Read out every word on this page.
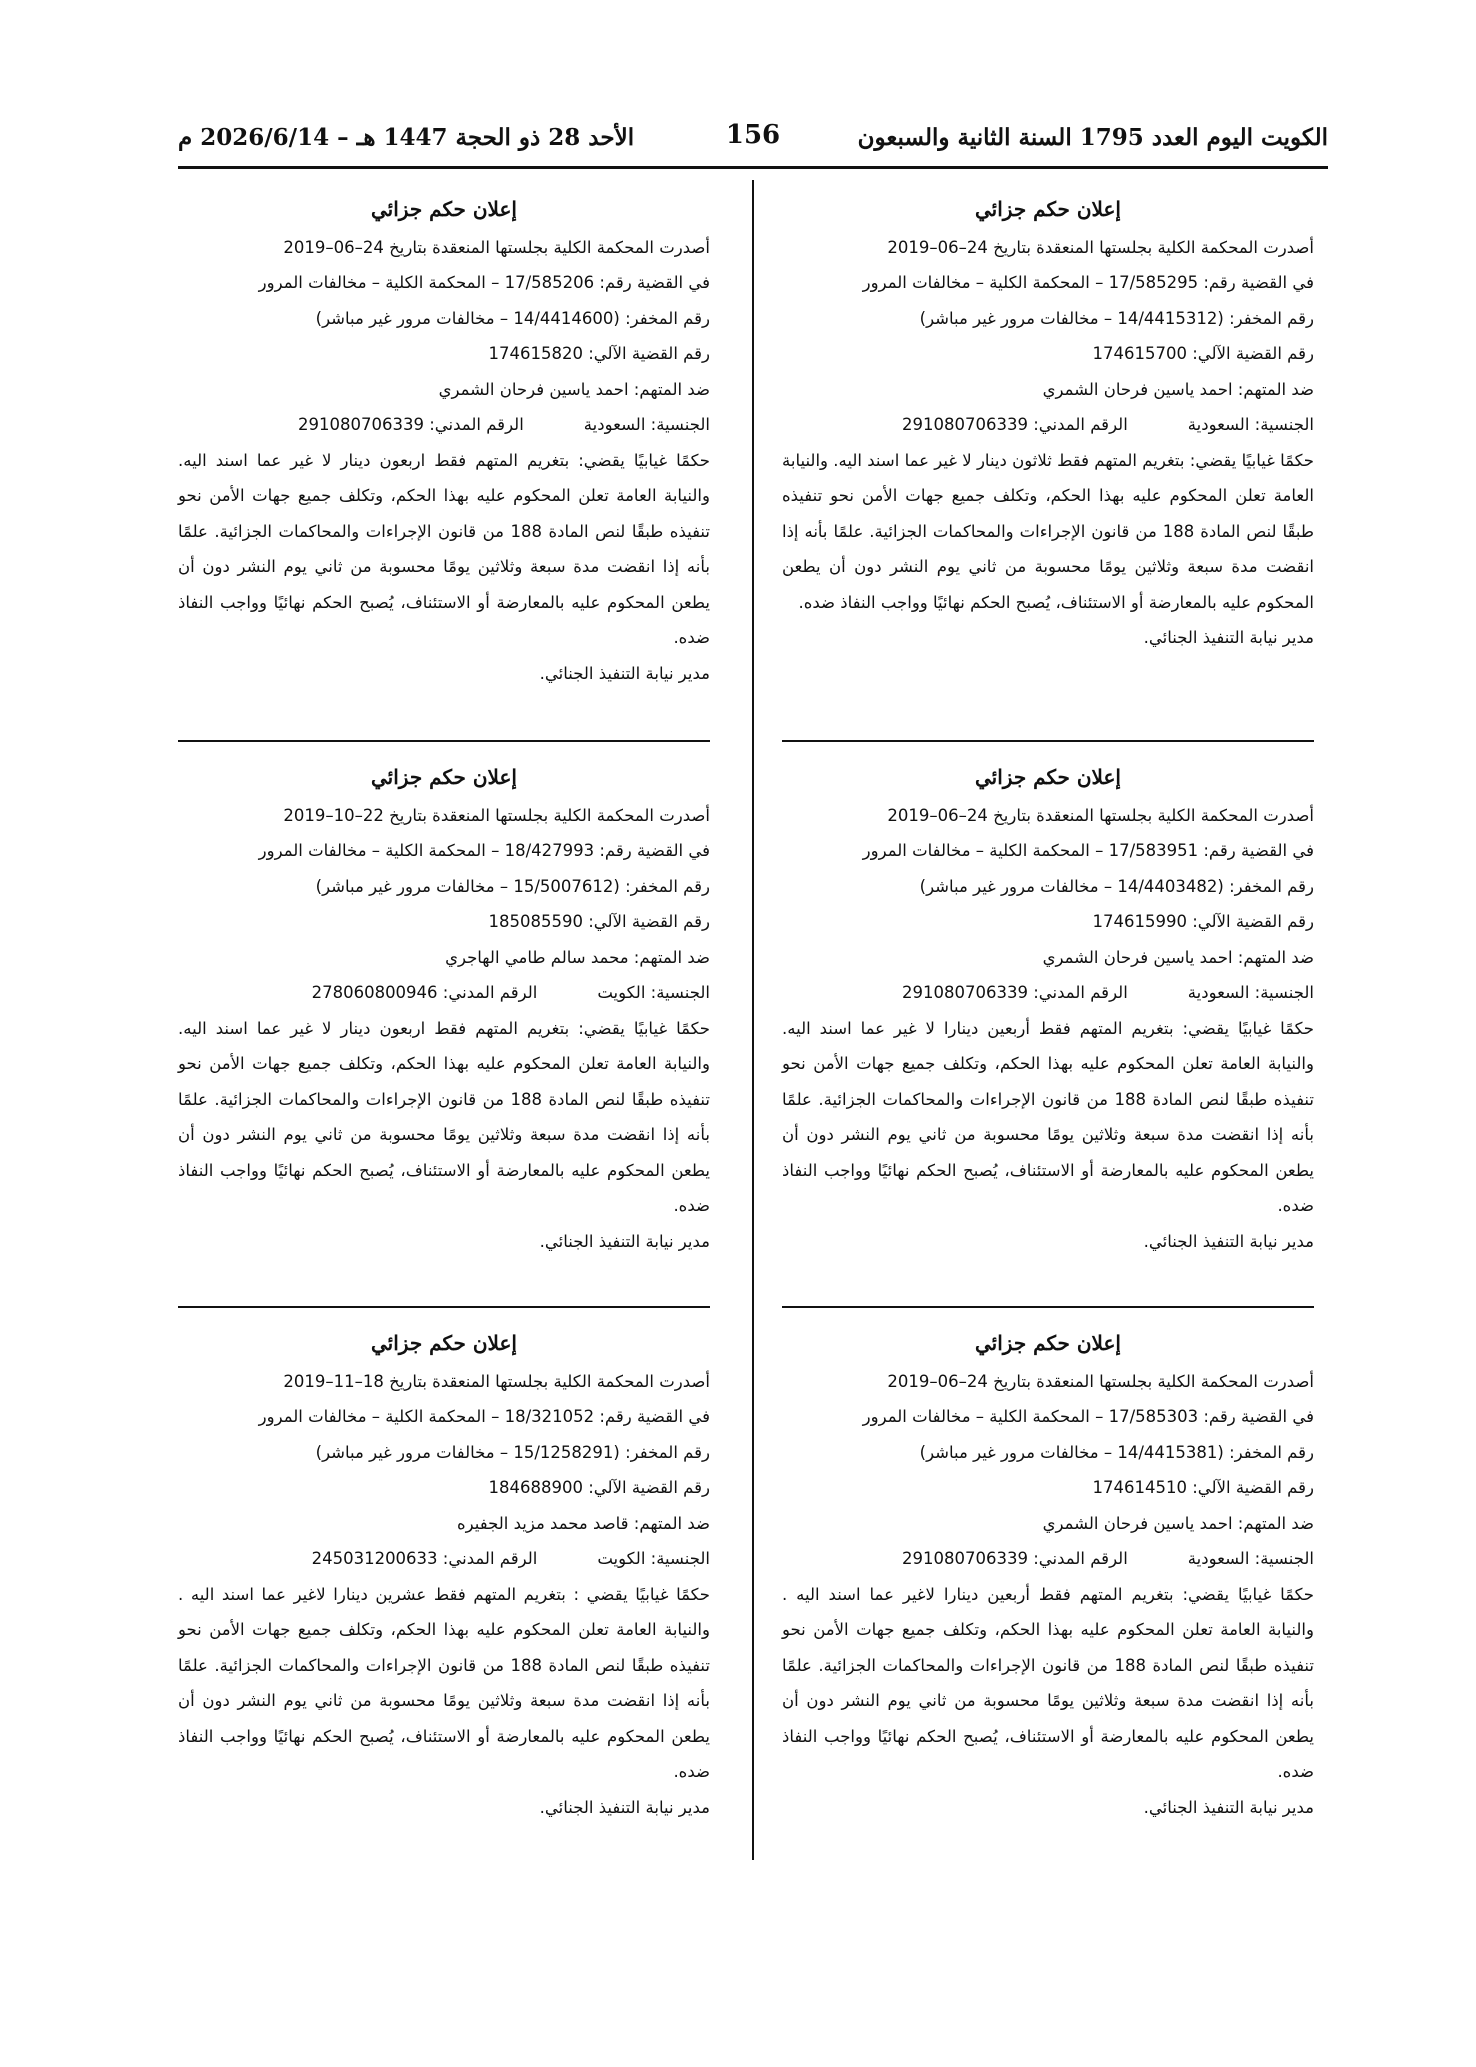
الكويت اليوم العدد 1795 السنة الثانية والسبعون
156
الأحد 28 ذو الحجة 1447 هـ – 2026/6/14 م
إعلان حكم جزائي
أصدرت المحكمة الكلية بجلستها المنعقدة بتاريخ 24–06–2019
في القضية رقم: 17/585295 – المحكمة الكلية – مخالفات المرور
رقم المخفر: (14/4415312 – مخالفات مرور غير مباشر)
رقم القضية الآلي: 174615700
ضد المتهم: احمد ياسين فرحان الشمري
الجنسية: السعودية
الرقم المدني: 291080706339
حكمًا غيابيًا يقضي: بتغريم المتهم فقط ثلاثون دينار لا غير عما اسند اليه. والنيابة العامة تعلن المحكوم عليه بهذا الحكم، وتكلف جميع جهات الأمن نحو تنفيذه طبقًا لنص المادة 188 من قانون الإجراءات والمحاكمات الجزائية. علمًا بأنه إذا انقضت مدة سبعة وثلاثين يومًا محسوبة من ثاني يوم النشر دون أن يطعن المحكوم عليه بالمعارضة أو الاستئناف، يُصبح الحكم نهائيًا وواجب النفاذ ضده.
مدير نيابة التنفيذ الجنائي.
إعلان حكم جزائي
أصدرت المحكمة الكلية بجلستها المنعقدة بتاريخ 24–06–2019
في القضية رقم: 17/585206 – المحكمة الكلية – مخالفات المرور
رقم المخفر: (14/4414600 – مخالفات مرور غير مباشر)
رقم القضية الآلي: 174615820
ضد المتهم: احمد ياسين فرحان الشمري
الجنسية: السعودية
الرقم المدني: 291080706339
حكمًا غيابيًا يقضي: بتغريم المتهم فقط اربعون دينار لا غير عما اسند اليه. والنيابة العامة تعلن المحكوم عليه بهذا الحكم، وتكلف جميع جهات الأمن نحو تنفيذه طبقًا لنص المادة 188 من قانون الإجراءات والمحاكمات الجزائية. علمًا بأنه إذا انقضت مدة سبعة وثلاثين يومًا محسوبة من ثاني يوم النشر دون أن يطعن المحكوم عليه بالمعارضة أو الاستئناف، يُصبح الحكم نهائيًا وواجب النفاذ ضده.
مدير نيابة التنفيذ الجنائي.
إعلان حكم جزائي
أصدرت المحكمة الكلية بجلستها المنعقدة بتاريخ 24–06–2019
في القضية رقم: 17/583951 – المحكمة الكلية – مخالفات المرور
رقم المخفر: (14/4403482 – مخالفات مرور غير مباشر)
رقم القضية الآلي: 174615990
ضد المتهم: احمد ياسين فرحان الشمري
الجنسية: السعودية
الرقم المدني: 291080706339
حكمًا غيابيًا يقضي: بتغريم المتهم فقط أربعين دينارا لا غير عما اسند اليه. والنيابة العامة تعلن المحكوم عليه بهذا الحكم، وتكلف جميع جهات الأمن نحو تنفيذه طبقًا لنص المادة 188 من قانون الإجراءات والمحاكمات الجزائية. علمًا بأنه إذا انقضت مدة سبعة وثلاثين يومًا محسوبة من ثاني يوم النشر دون أن يطعن المحكوم عليه بالمعارضة أو الاستئناف، يُصبح الحكم نهائيًا وواجب النفاذ ضده.
مدير نيابة التنفيذ الجنائي.
إعلان حكم جزائي
أصدرت المحكمة الكلية بجلستها المنعقدة بتاريخ 22–10–2019
في القضية رقم: 18/427993 – المحكمة الكلية – مخالفات المرور
رقم المخفر: (15/5007612 – مخالفات مرور غير مباشر)
رقم القضية الآلي: 185085590
ضد المتهم: محمد سالم طامي الهاجري
الجنسية: الكويت
الرقم المدني: 278060800946
حكمًا غيابيًا يقضي: بتغريم المتهم فقط اربعون دينار لا غير عما اسند اليه. والنيابة العامة تعلن المحكوم عليه بهذا الحكم، وتكلف جميع جهات الأمن نحو تنفيذه طبقًا لنص المادة 188 من قانون الإجراءات والمحاكمات الجزائية. علمًا بأنه إذا انقضت مدة سبعة وثلاثين يومًا محسوبة من ثاني يوم النشر دون أن يطعن المحكوم عليه بالمعارضة أو الاستئناف، يُصبح الحكم نهائيًا وواجب النفاذ ضده.
مدير نيابة التنفيذ الجنائي.
إعلان حكم جزائي
أصدرت المحكمة الكلية بجلستها المنعقدة بتاريخ 24–06–2019
في القضية رقم: 17/585303 – المحكمة الكلية – مخالفات المرور
رقم المخفر: (14/4415381 – مخالفات مرور غير مباشر)
رقم القضية الآلي: 174614510
ضد المتهم: احمد ياسين فرحان الشمري
الجنسية: السعودية
الرقم المدني: 291080706339
حكمًا غيابيًا يقضي: بتغريم المتهم فقط أربعين دينارا لاغير عما اسند اليه . والنيابة العامة تعلن المحكوم عليه بهذا الحكم، وتكلف جميع جهات الأمن نحو تنفيذه طبقًا لنص المادة 188 من قانون الإجراءات والمحاكمات الجزائية. علمًا بأنه إذا انقضت مدة سبعة وثلاثين يومًا محسوبة من ثاني يوم النشر دون أن يطعن المحكوم عليه بالمعارضة أو الاستئناف، يُصبح الحكم نهائيًا وواجب النفاذ ضده.
مدير نيابة التنفيذ الجنائي.
إعلان حكم جزائي
أصدرت المحكمة الكلية بجلستها المنعقدة بتاريخ 18–11–2019
في القضية رقم: 18/321052 – المحكمة الكلية – مخالفات المرور
رقم المخفر: (15/1258291 – مخالفات مرور غير مباشر)
رقم القضية الآلي: 184688900
ضد المتهم: قاصد محمد مزيد الجفيره
الجنسية: الكويت
الرقم المدني: 245031200633
حكمًا غيابيًا يقضي : بتغريم المتهم فقط عشرين دينارا لاغير عما اسند اليه . والنيابة العامة تعلن المحكوم عليه بهذا الحكم، وتكلف جميع جهات الأمن نحو تنفيذه طبقًا لنص المادة 188 من قانون الإجراءات والمحاكمات الجزائية. علمًا بأنه إذا انقضت مدة سبعة وثلاثين يومًا محسوبة من ثاني يوم النشر دون أن يطعن المحكوم عليه بالمعارضة أو الاستئناف، يُصبح الحكم نهائيًا وواجب النفاذ ضده.
مدير نيابة التنفيذ الجنائي.
